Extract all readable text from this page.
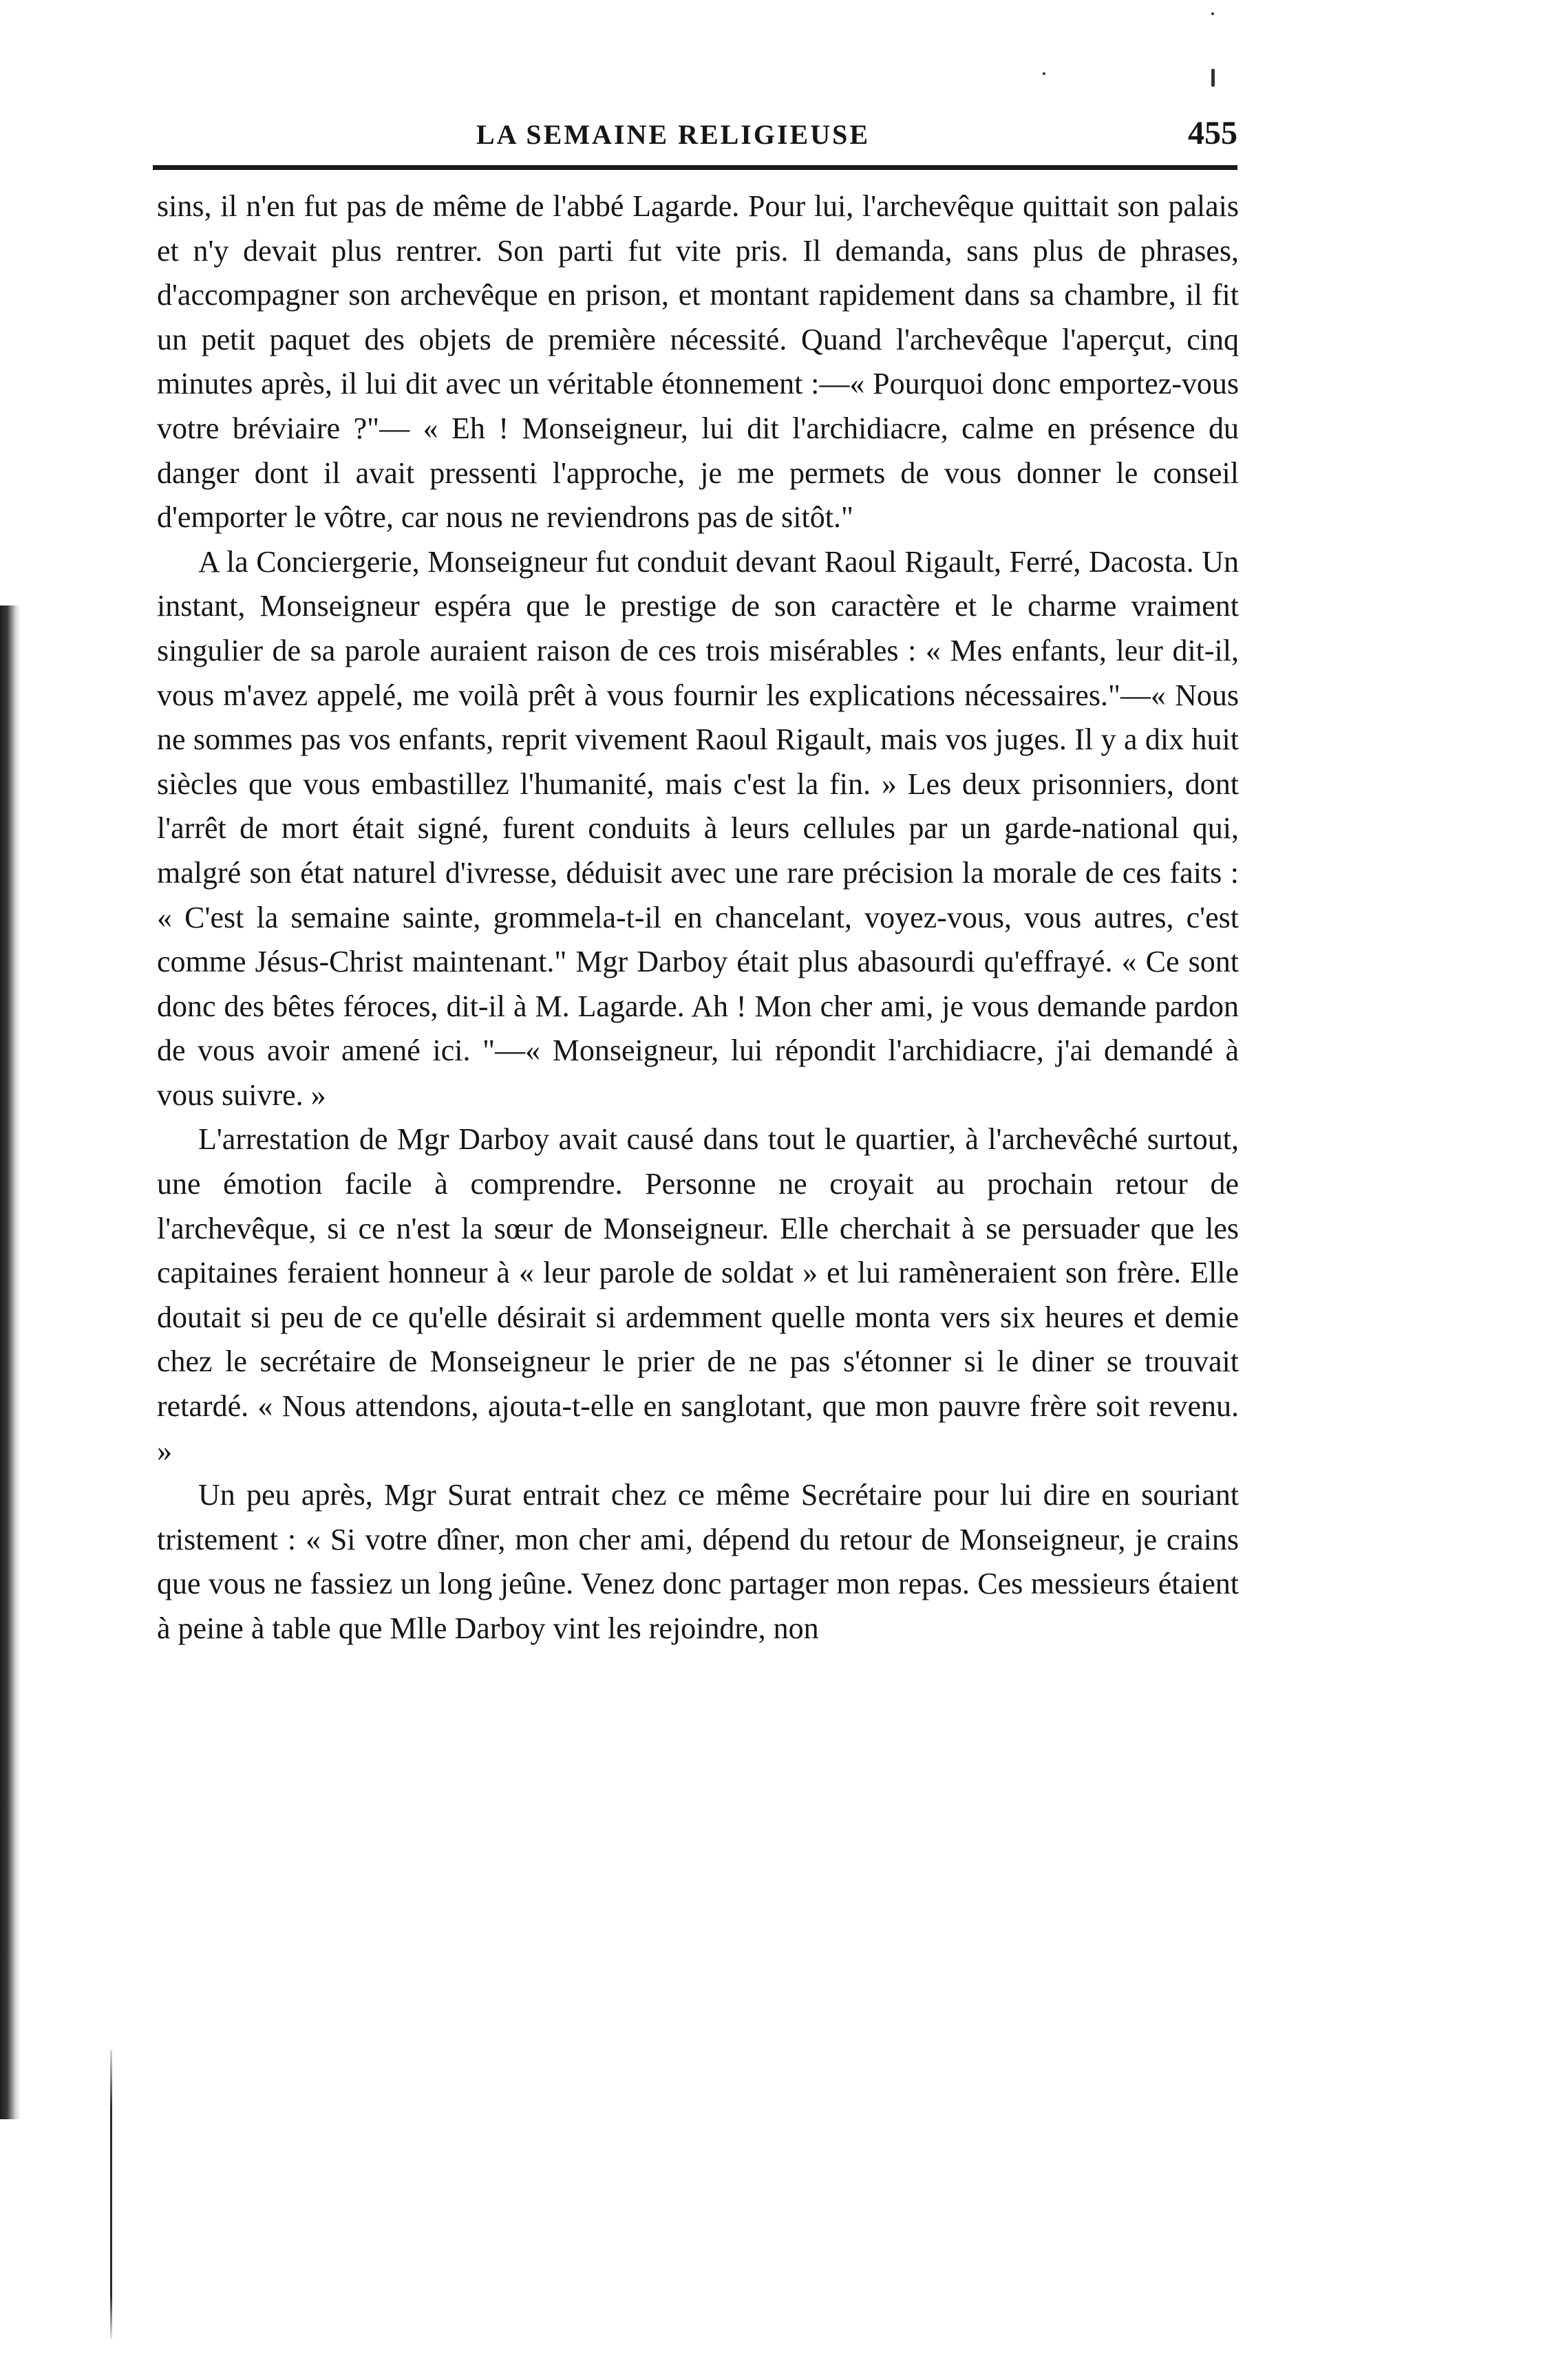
LA SEMAINE RELIGIEUSE	455

sins, il n'en fut pas de même de l'abbé Lagarde. Pour lui, l'archevêque quittait son palais et n'y devait plus rentrer. Son parti fut vite pris. Il demanda, sans plus de phrases, d'accompagner son archevêque en prison, et montant rapidement dans sa chambre, il fit un petit paquet des objets de première nécessité. Quand l'archevêque l'aperçut, cinq minutes après, il lui dit avec un véritable étonnement :—« Pourquoi donc emportez-vous votre bréviaire ?"— « Eh ! Monseigneur, lui dit l'archidiacre, calme en présence du danger dont il avait pressenti l'approche, je me permets de vous donner le conseil d'emporter le vôtre, car nous ne reviendrons pas de sitôt."

A la Conciergerie, Monseigneur fut conduit devant Raoul Rigault, Ferré, Dacosta. Un instant, Monseigneur espéra que le prestige de son caractère et le charme vraiment singulier de sa parole auraient raison de ces trois misérables : « Mes enfants, leur dit-il, vous m'avez appelé, me voilà prêt à vous fournir les explications nécessaires."—« Nous ne sommes pas vos enfants, reprit vivement Raoul Rigault, mais vos juges. Il y a dix huit siècles que vous embastillez l'humanité, mais c'est la fin. » Les deux prisonniers, dont l'arrêt de mort était signé, furent conduits à leurs cellules par un garde-national qui, malgré son état naturel d'ivresse, déduisit avec une rare précision la morale de ces faits : « C'est la semaine sainte, grommela-t-il en chancelant, voyez-vous, vous autres, c'est comme Jésus-Christ maintenant." Mgr Darboy était plus abasourdi qu'effrayé. « Ce sont donc des bêtes féroces, dit-il à M. Lagarde. Ah ! Mon cher ami, je vous demande pardon de vous avoir amené ici. "—« Monseigneur, lui répondit l'archidiacre, j'ai demandé à vous suivre. »

L'arrestation de Mgr Darboy avait causé dans tout le quartier, à l'archevêché surtout, une émotion facile à comprendre. Personne ne croyait au prochain retour de l'archevêque, si ce n'est la sœur de Monseigneur. Elle cherchait à se persuader que les capitaines feraient honneur à « leur parole de soldat » et lui ramèneraient son frère. Elle doutait si peu de ce qu'elle désirait si ardemment quelle monta vers six heures et demie chez le secrétaire de Monseigneur le prier de ne pas s'étonner si le diner se trouvait retardé. « Nous attendons, ajouta-t-elle en sanglotant, que mon pauvre frère soit revenu. »

Un peu après, Mgr Surat entrait chez ce même Secrétaire pour lui dire en souriant tristement : « Si votre dîner, mon cher ami, dépend du retour de Monseigneur, je crains que vous ne fassiez un long jeûne. Venez donc partager mon repas. Ces messieurs étaient à peine à table que Mlle Darboy vint les rejoindre, non
